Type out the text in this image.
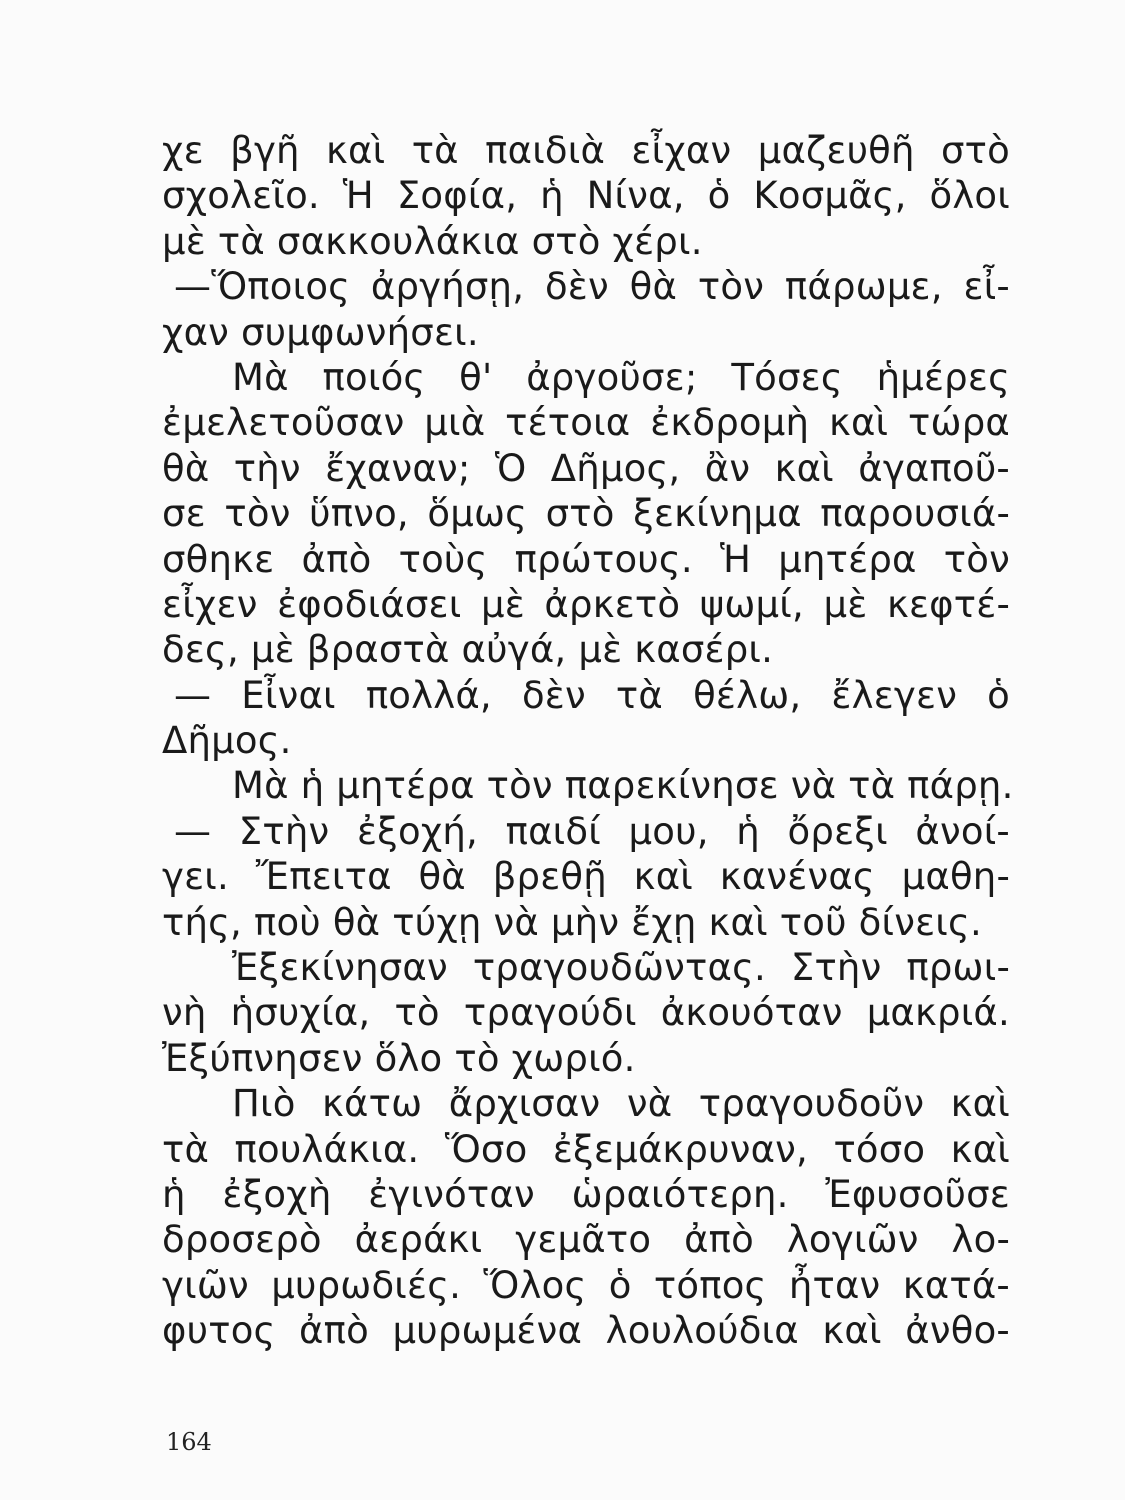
χε βγῆ καὶ τὰ παιδιὰ εἶχαν μαζευθῆ στὸ
σχολεῖο. Ἡ Σοφία, ἡ Νίνα, ὁ Κοσμᾶς, ὅλοι
μὲ τὰ σακκουλάκια στὸ χέρι.
—Ὅποιος ἀργήσῃ, δὲν θὰ τὸν πάρωμε, εἶ-
χαν συμφωνήσει.
Μὰ ποιός θ' ἀργοῦσε; Τόσες ἡμέρες
ἐμελετοῦσαν μιὰ τέτοια ἐκδρομὴ καὶ τώρα
θὰ τὴν ἔχαναν; Ὁ Δῆμος, ἂν καὶ ἀγαποῦ-
σε τὸν ὕπνο, ὅμως στὸ ξεκίνημα παρουσιά-
σθηκε ἀπὸ τοὺς πρώτους. Ἡ μητέρα τὸν
εἶχεν ἐφοδιάσει μὲ ἀρκετὸ ψωμί, μὲ κεφτέ-
δες, μὲ βραστὰ αὐγά, μὲ κασέρι.
— Εἶναι πολλά, δὲν τὰ θέλω, ἔλεγεν ὁ
Δῆμος.
Μὰ ἡ μητέρα τὸν παρεκίνησε νὰ τὰ πάρῃ.
— Στὴν ἐξοχή, παιδί μου, ἡ ὄρεξι ἀνοί-
γει. Ἔπειτα θὰ βρεθῇ καὶ κανένας μαθη-
τής, ποὺ θὰ τύχῃ νὰ μὴν ἔχῃ καὶ τοῦ δίνεις.
Ἐξεκίνησαν τραγουδῶντας. Στὴν πρωι-
νὴ ἡσυχία, τὸ τραγούδι ἀκουόταν μακριά.
Ἐξύπνησεν ὅλο τὸ χωριό.
Πιὸ κάτω ἄρχισαν νὰ τραγουδοῦν καὶ
τὰ πουλάκια. Ὅσο ἐξεμάκρυναν, τόσο καὶ
ἡ ἐξοχὴ ἐγινόταν ὡραιότερη. Ἐφυσοῦσε
δροσερὸ ἀεράκι γεμᾶτο ἀπὸ λογιῶν λο-
γιῶν μυρωδιές. Ὅλος ὁ τόπος ἦταν κατά-
φυτος ἀπὸ μυρωμένα λουλούδια καὶ ἀνθο-
164
